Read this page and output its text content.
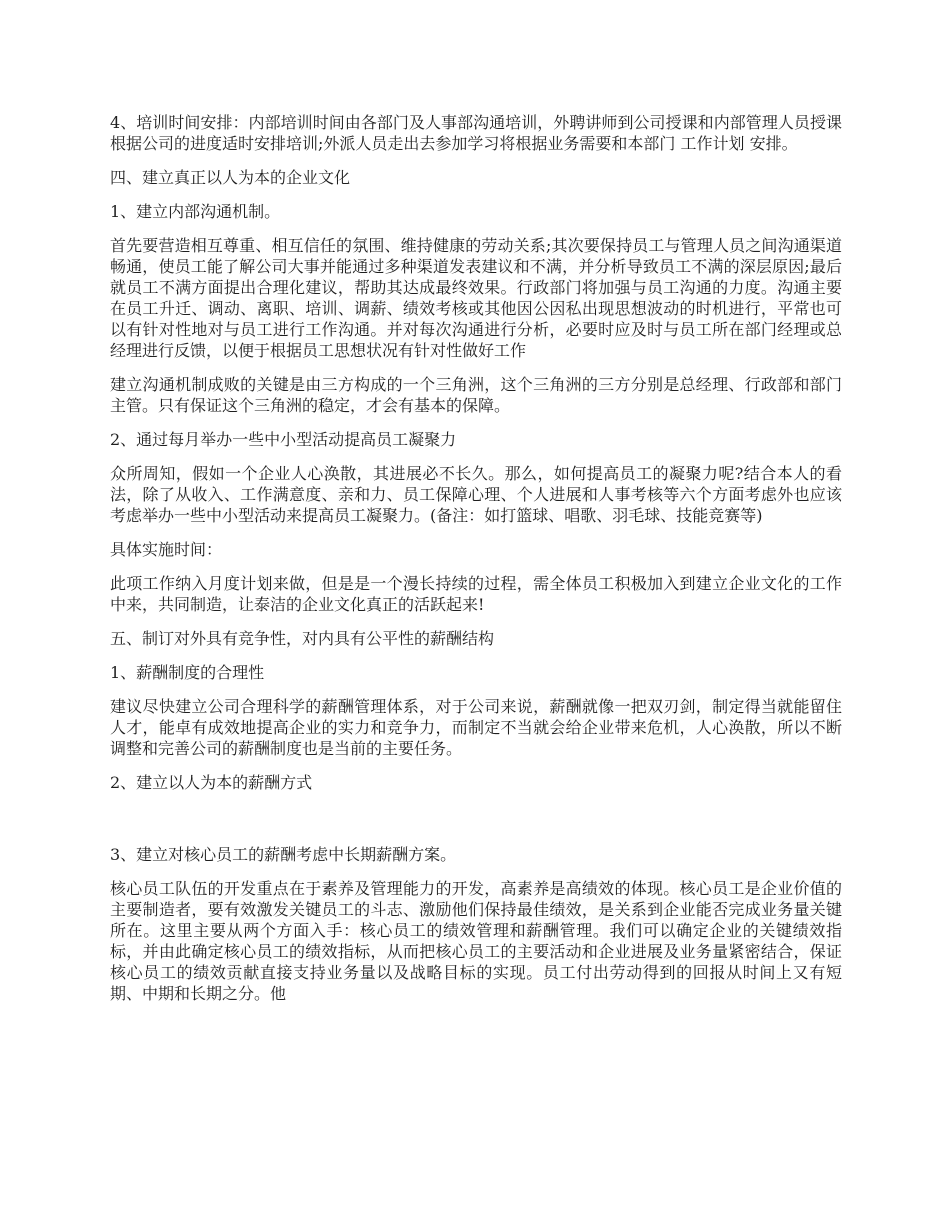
4、培训时间安排：内部培训时间由各部门及人事部沟通培训，外聘讲师到公司授课和内部管理人员授课根据公司的进度适时安排培训;外派人员走出去参加学习将根据业务需要和本部门 工作计划 安排。

四、建立真正以人为本的企业文化

1、建立内部沟通机制。

首先要营造相互尊重、相互信任的氛围、维持健康的劳动关系;其次要保持员工与管理人员之间沟通渠道畅通，使员工能了解公司大事并能通过多种渠道发表建议和不满，并分析导致员工不满的深层原因;最后就员工不满方面提出合理化建议，帮助其达成最终效果。行政部门将加强与员工沟通的力度。沟通主要在员工升迁、调动、离职、培训、调薪、绩效考核或其他因公因私出现思想波动的时机进行，平常也可以有针对性地对与员工进行工作沟通。并对每次沟通进行分析，必要时应及时与员工所在部门经理或总经理进行反馈，以便于根据员工思想状况有针对性做好工作

建立沟通机制成败的关键是由三方构成的一个三角洲，这个三角洲的三方分别是总经理、行政部和部门主管。只有保证这个三角洲的稳定，才会有基本的保障。

2、通过每月举办一些中小型活动提高员工凝聚力

众所周知，假如一个企业人心涣散，其进展必不长久。那么，如何提高员工的凝聚力呢?结合本人的看法，除了从收入、工作满意度、亲和力、员工保障心理、个人进展和人事考核等六个方面考虑外也应该考虑举办一些中小型活动来提高员工凝聚力。(备注：如打篮球、唱歌、羽毛球、技能竞赛等)

具体实施时间：

此项工作纳入月度计划来做，但是是一个漫长持续的过程，需全体员工积极加入到建立企业文化的工作中来，共同制造，让泰洁的企业文化真正的活跃起来!

五、制订对外具有竞争性，对内具有公平性的薪酬结构

1、薪酬制度的合理性

建议尽快建立公司合理科学的薪酬管理体系，对于公司来说，薪酬就像一把双刃剑，制定得当就能留住人才，能卓有成效地提高企业的实力和竞争力，而制定不当就会给企业带来危机，人心涣散，所以不断调整和完善公司的薪酬制度也是当前的主要任务。

2、建立以人为本的薪酬方式

3、建立对核心员工的薪酬考虑中长期薪酬方案。

核心员工队伍的开发重点在于素养及管理能力的开发，高素养是高绩效的体现。核心员工是企业价值的主要制造者，要有效激发关键员工的斗志、激励他们保持最佳绩效，是关系到企业能否完成业务量关键所在。这里主要从两个方面入手：核心员工的绩效管理和薪酬管理。我们可以确定企业的关键绩效指标，并由此确定核心员工的绩效指标，从而把核心员工的主要活动和企业进展及业务量紧密结合，保证核心员工的绩效贡献直接支持业务量以及战略目标的实现。员工付出劳动得到的回报从时间上又有短期、中期和长期之分。他
